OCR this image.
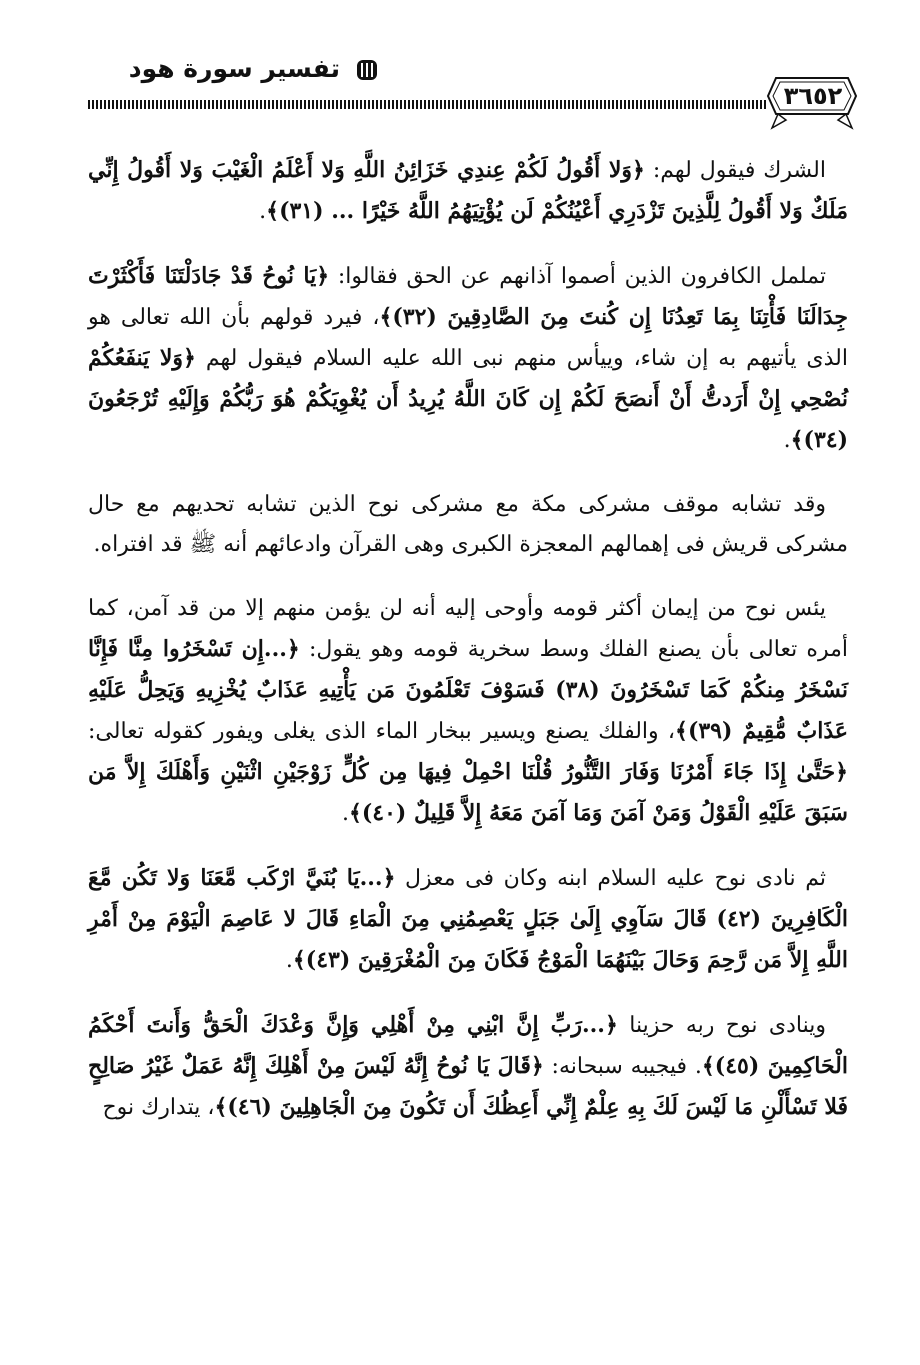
تفسير سورة هود
٣٦٥٢

الشرك فيقول لهم: ﴿وَلا أَقُولُ لَكُمْ عِندِي خَزَائِنُ اللَّهِ وَلا أَعْلَمُ الْغَيْبَ وَلا أَقُولُ إِنِّي مَلَكٌ وَلا أَقُولُ لِلَّذِينَ تَزْدَرِي أَعْيُنُكُمْ لَن يُؤْتِيَهُمُ اللَّهُ خَيْرًا ... (٣١)﴾.

تململ الكافرون الذين أصموا آذانهم عن الحق فقالوا: ﴿يَا نُوحُ قَدْ جَادَلْتَنَا فَأَكْثَرْتَ جِدَالَنَا فَأْتِنَا بِمَا تَعِدُنَا إِن كُنتَ مِنَ الصَّادِقِينَ (٣٢)﴾، فيرد قولهم بأن الله تعالى هو الذى يأتيهم به إن شاء، وييأس منهم نبى الله عليه السلام فيقول لهم ﴿وَلا يَنفَعُكُمْ نُصْحِي إِنْ أَرَدتُّ أَنْ أَنصَحَ لَكُمْ إِن كَانَ اللَّهُ يُرِيدُ أَن يُغْوِيَكُمْ هُوَ رَبُّكُمْ وَإِلَيْهِ تُرْجَعُونَ (٣٤)﴾.

وقد تشابه موقف مشركى مكة مع مشركى نوح الذين تشابه تحديهم مع حال مشركى قريش فى إهمالهم المعجزة الكبرى وهى القرآن وادعائهم أنه ﷺ قد افتراه.

يئس نوح من إيمان أكثر قومه وأوحى إليه أنه لن يؤمن منهم إلا من قد آمن، كما أمره تعالى بأن يصنع الفلك وسط سخرية قومه وهو يقول: ﴿...إِن تَسْخَرُوا مِنَّا فَإِنَّا نَسْخَرُ مِنكُمْ كَمَا تَسْخَرُونَ (٣٨) فَسَوْفَ تَعْلَمُونَ مَن يَأْتِيهِ عَذَابٌ يُخْزِيهِ وَيَحِلُّ عَلَيْهِ عَذَابٌ مُّقِيمٌ (٣٩)﴾، والفلك يصنع ويسير ببخار الماء الذى يغلى ويفور كقوله تعالى: ﴿حَتَّىٰ إِذَا جَاءَ أَمْرُنَا وَفَارَ التَّنُّورُ قُلْنَا احْمِلْ فِيهَا مِن كُلٍّ زَوْجَيْنِ اثْنَيْنِ وَأَهْلَكَ إِلاَّ مَن سَبَقَ عَلَيْهِ الْقَوْلُ وَمَنْ آمَنَ وَمَا آمَنَ مَعَهُ إِلاَّ قَلِيلٌ (٤٠)﴾.

ثم نادى نوح عليه السلام ابنه وكان فى معزل ﴿...يَا بُنَيَّ ارْكَب مَّعَنَا وَلا تَكُن مَّعَ الْكَافِرِينَ (٤٢) قَالَ سَآوِي إِلَىٰ جَبَلٍ يَعْصِمُنِي مِنَ الْمَاءِ قَالَ لا عَاصِمَ الْيَوْمَ مِنْ أَمْرِ اللَّهِ إِلاَّ مَن رَّحِمَ وَحَالَ بَيْنَهُمَا الْمَوْجُ فَكَانَ مِنَ الْمُغْرَقِينَ (٤٣)﴾.

وينادى نوح ربه حزينا ﴿...رَبِّ إِنَّ ابْنِي مِنْ أَهْلِي وَإِنَّ وَعْدَكَ الْحَقُّ وَأَنتَ أَحْكَمُ الْحَاكِمِينَ (٤٥)﴾. فيجيبه سبحانه: ﴿قَالَ يَا نُوحُ إِنَّهُ لَيْسَ مِنْ أَهْلِكَ إِنَّهُ عَمَلٌ غَيْرُ صَالِحٍ فَلا تَسْأَلْنِ مَا لَيْسَ لَكَ بِهِ عِلْمٌ إِنِّي أَعِظُكَ أَن تَكُونَ مِنَ الْجَاهِلِينَ (٤٦)﴾، يتدارك نوح
